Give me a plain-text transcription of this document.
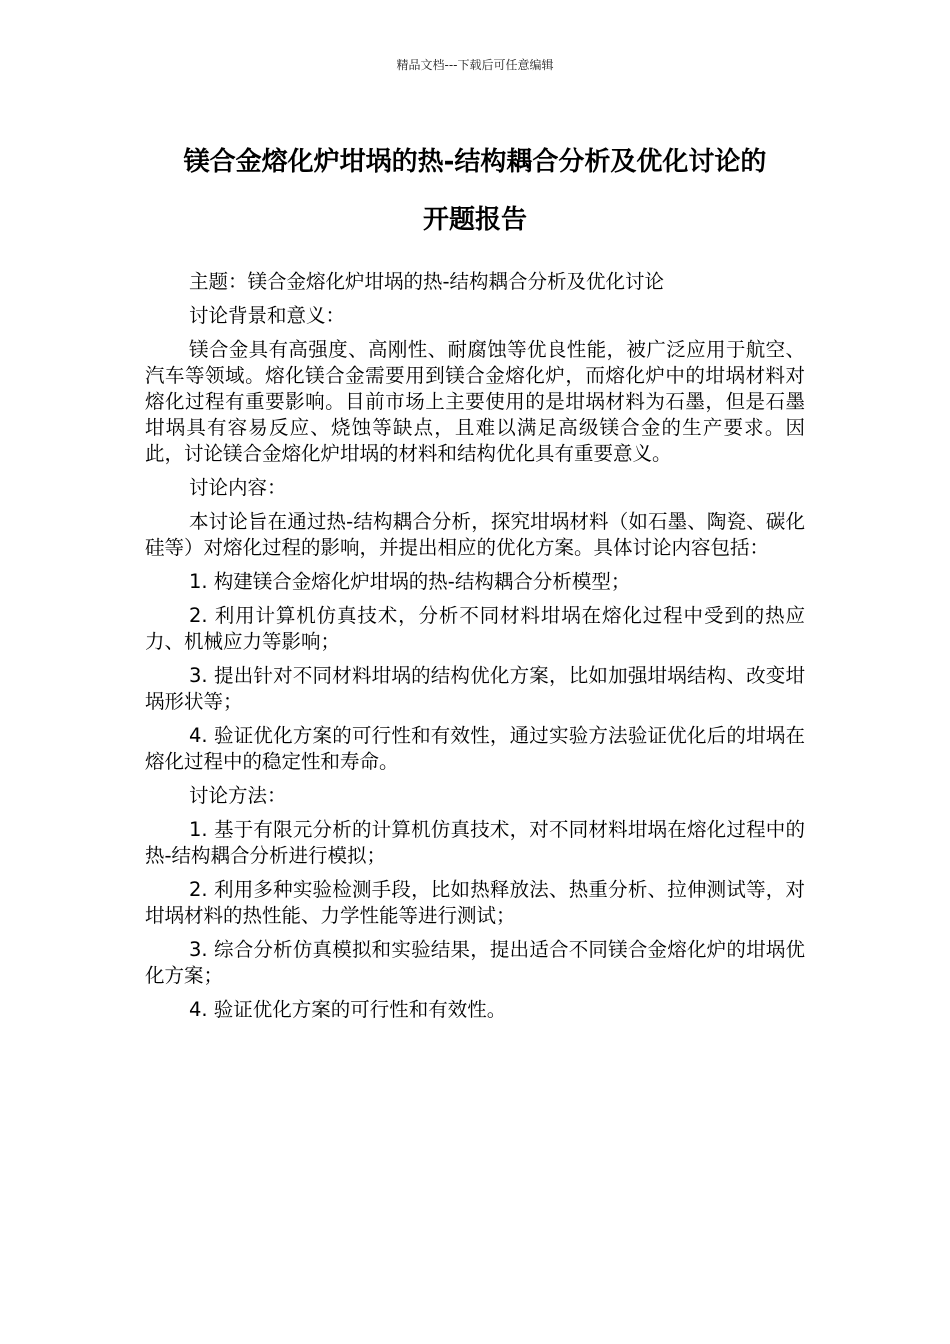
精品文档---下载后可任意编辑
镁合金熔化炉坩埚的热-结构耦合分析及优化讨论的
开题报告

主题：镁合金熔化炉坩埚的热-结构耦合分析及优化讨论

讨论背景和意义：

镁合金具有高强度、高刚性、耐腐蚀等优良性能，被广泛应用于航空、汽车等领域。熔化镁合金需要用到镁合金熔化炉，而熔化炉中的坩埚材料对熔化过程有重要影响。目前市场上主要使用的是坩埚材料为石墨，但是石墨坩埚具有容易反应、烧蚀等缺点，且难以满足高级镁合金的生产要求。因此，讨论镁合金熔化炉坩埚的材料和结构优化具有重要意义。

讨论内容：

本讨论旨在通过热-结构耦合分析，探究坩埚材料（如石墨、陶瓷、碳化硅等）对熔化过程的影响，并提出相应的优化方案。具体讨论内容包括：

1. 构建镁合金熔化炉坩埚的热-结构耦合分析模型；

2. 利用计算机仿真技术，分析不同材料坩埚在熔化过程中受到的热应力、机械应力等影响；

3. 提出针对不同材料坩埚的结构优化方案，比如加强坩埚结构、改变坩埚形状等；

4. 验证优化方案的可行性和有效性，通过实验方法验证优化后的坩埚在熔化过程中的稳定性和寿命。

讨论方法：

1. 基于有限元分析的计算机仿真技术，对不同材料坩埚在熔化过程中的热-结构耦合分析进行模拟；

2. 利用多种实验检测手段，比如热释放法、热重分析、拉伸测试等，对坩埚材料的热性能、力学性能等进行测试；

3. 综合分析仿真模拟和实验结果，提出适合不同镁合金熔化炉的坩埚优化方案；

4. 验证优化方案的可行性和有效性。
